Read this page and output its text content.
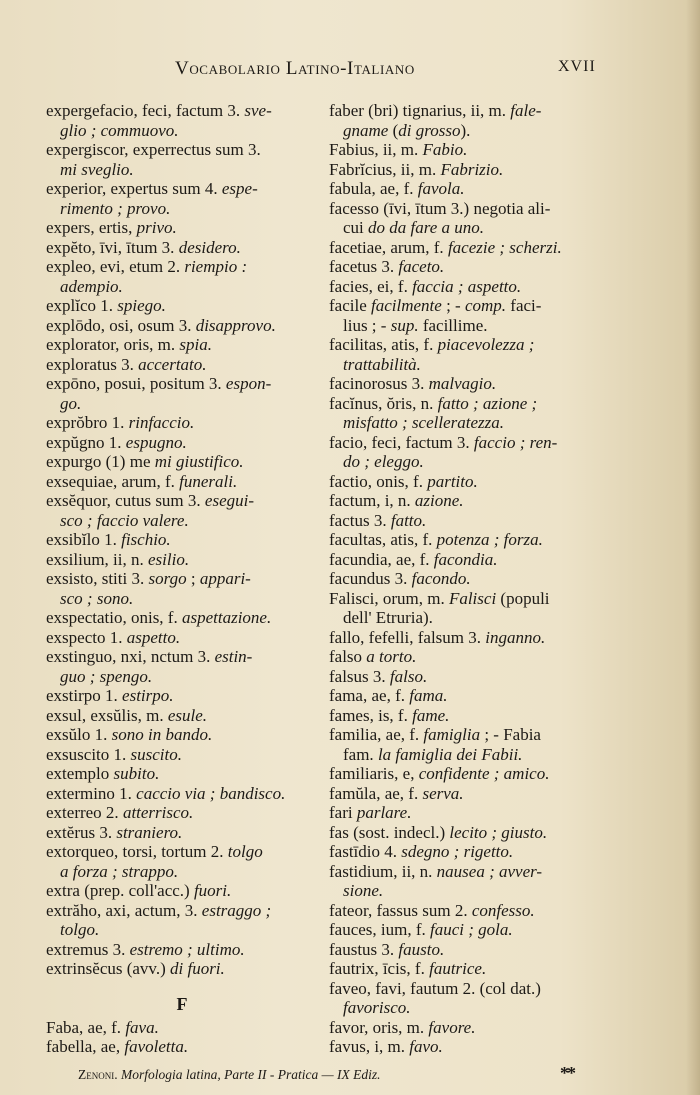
Vocabolario Latino-Italiano	XVII
expergefacio, feci, factum 3. sve-
glio ; commuovo.
expergiscor, experrectus sum 3.
mi sveglio.
experior, expertus sum 4. espe-
rimento ; provo.
expers, ertis, privo.
expĕto, īvi, ītum 3. desidero.
expleo, evi, etum 2. riempio :
adempio.
explĭco 1. spiego.
explōdo, osi, osum 3. disapprovo.
explorator, oris, m. spia.
exploratus 3. accertato.
expōno, posui, positum 3. espon-
go.
exprŏbro 1. rinfaccio.
expŭgno 1. espugno.
expurgo (1) me mi giustifico.
exsequiae, arum, f. funerali.
exsĕquor, cutus sum 3. esegui-
sco ; faccio valere.
exsibĭlo 1. fischio.
exsilium, ii, n. esilio.
exsisto, stiti 3. sorgo ; appari-
sco ; sono.
exspectatio, onis, f. aspettazione.
exspecto 1. aspetto.
exstinguo, nxi, nctum 3. estin-
guo ; spengo.
exstirpo 1. estirpo.
exsul, exsŭlis, m. esule.
exsŭlo 1. sono in bando.
exsuscito 1. suscito.
extemplo subito.
extermino 1. caccio via ; bandisco.
exterreo 2. atterrisco.
extĕrus 3. straniero.
extorqueo, torsi, tortum 2. tolgo
a forza ; strappo.
extra (prep. coll'acc.) fuori.
extrăho, axi, actum, 3. estraggo ;
tolgo.
extremus 3. estremo ; ultimo.
extrinsĕcus (avv.) di fuori.
F
Faba, ae, f. fava.
fabella, ae, favoletta.
faber (bri) tignarius, ii, m. fale-
gname (di grosso).
Fabius, ii, m. Fabio.
Fabrĭcius, ii, m. Fabrizio.
fabula, ae, f. favola.
facesso (īvi, ītum 3.) negotia ali-
cui do da fare a uno.
facetiae, arum, f. facezie ; scherzi.
facetus 3. faceto.
facies, ei, f. faccia ; aspetto.
facile facilmente ; - comp. faci-
lius ; - sup. facillime.
facilitas, atis, f. piacevolezza ;
trattabilità.
facinorosus 3. malvagio.
facĭnus, ŏris, n. fatto ; azione ;
misfatto ; scelleratezza.
facio, feci, factum 3. faccio ; ren-
do ; eleggo.
factio, onis, f. partito.
factum, i, n. azione.
factus 3. fatto.
facultas, atis, f. potenza ; forza.
facundia, ae, f. facondia.
facundus 3. facondo.
Falisci, orum, m. Falisci (populi
dell' Etruria).
fallo, fefelli, falsum 3. inganno.
falso a torto.
falsus 3. falso.
fama, ae, f. fama.
fames, is, f. fame.
familia, ae, f. famiglia ; - Fabia
fam. la famiglia dei Fabii.
familiaris, e, confidente ; amico.
famŭla, ae, f. serva.
fari parlare.
fas (sost. indecl.) lecito ; giusto.
fastīdio 4. sdegno ; rigetto.
fastidium, ii, n. nausea ; avver-
sione.
fateor, fassus sum 2. confesso.
fauces, ium, f. fauci ; gola.
faustus 3. fausto.
fautrix, īcis, f. fautrice.
faveo, favi, fautum 2. (col dat.)
favorisco.
favor, oris, m. favore.
favus, i, m. favo.
Zenoni. Morfologia latina, Parte II - Pratica — IX Ediz.	**
